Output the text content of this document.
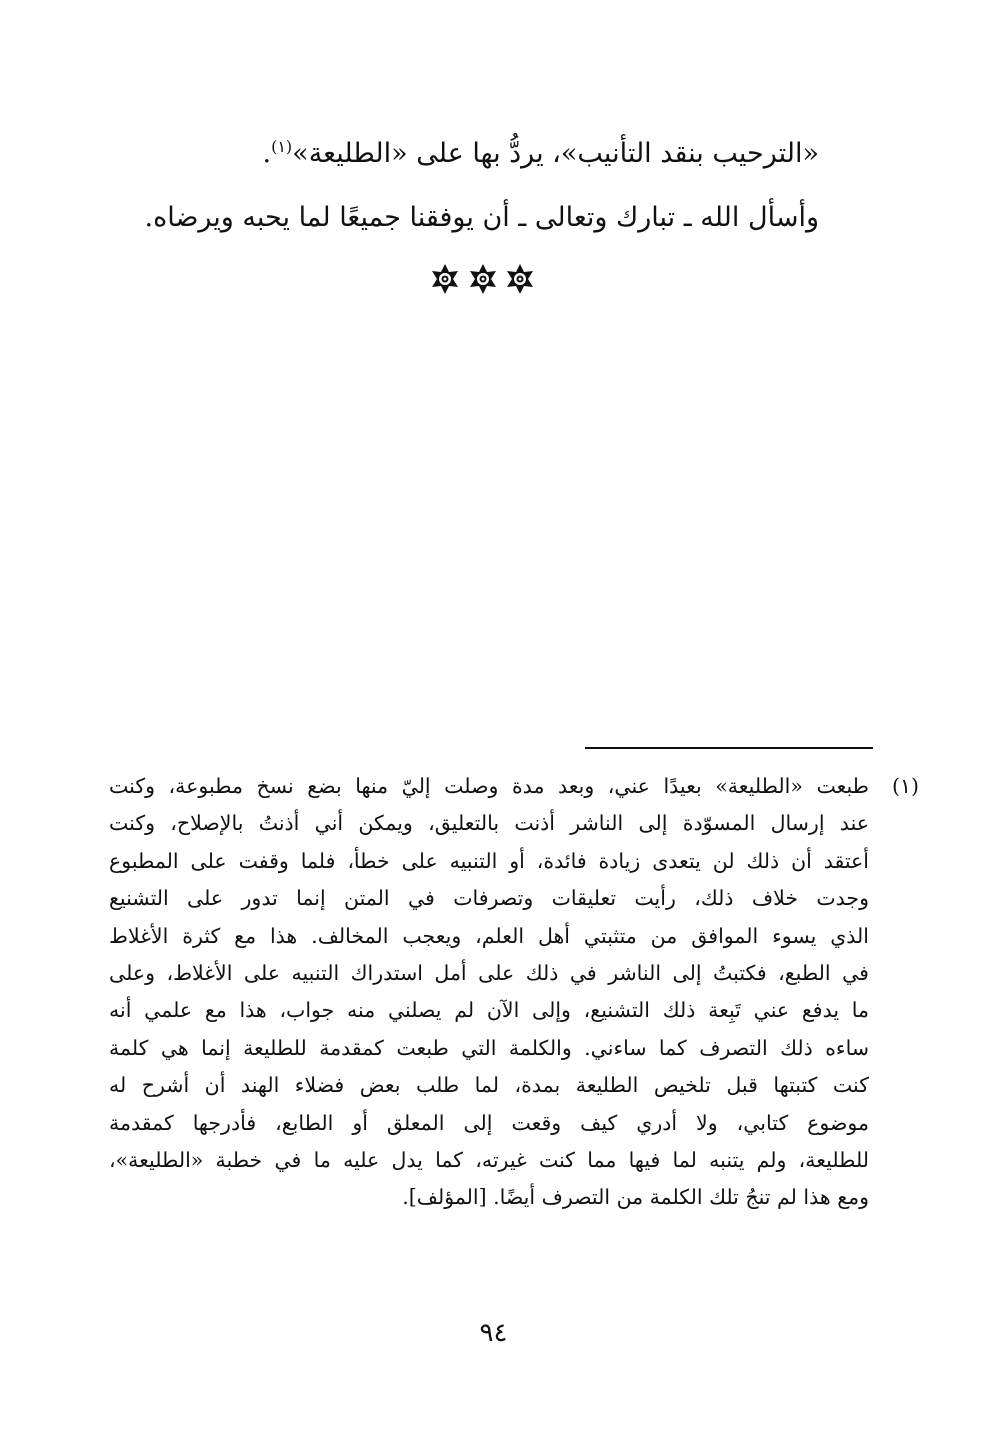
«الترحيب بنقد التأنيب»، يردُّ بها على «الطليعة»$^{(١)}$.
وأسأل الله ـ تبارك وتعالى ـ أن يوفقنا جميعًا لما يحبه ويرضاه.
(١)
طبعت «الطليعة» بعيدًا عني، وبعد مدة وصلت إليّ منها بضع نسخ مطبوعة، وكنت
عند إرسال المسوّدة إلى الناشر أذنت بالتعليق، ويمكن أني أذنتُ بالإصلاح، وكنت
أعتقد أن ذلك لن يتعدى زيادة فائدة، أو التنبيه على خطأ، فلما وقفت على المطبوع
وجدت خلاف ذلك، رأيت تعليقات وتصرفات في المتن إنما تدور على التشنيع
الذي يسوء الموافق من متثبتي أهل العلم، ويعجب المخالف. هذا مع كثرة الأغلاط
في الطبع، فكتبتُ إلى الناشر في ذلك على أمل استدراك التنبيه على الأغلاط، وعلى
ما يدفع عني تَبِعة ذلك التشنيع، وإلى الآن لم يصلني منه جواب، هذا مع علمي أنه
ساءه ذلك التصرف كما ساءني. والكلمة التي طبعت كمقدمة للطليعة إنما هي كلمة
كنت كتبتها قبل تلخيص الطليعة بمدة، لما طلب بعض فضلاء الهند أن أشرح له
موضوع كتابي، ولا أدري كيف وقعت إلى المعلق أو الطابع، فأدرجها كمقدمة
للطليعة، ولم يتنبه لما فيها مما كنت غيرته، كما يدل عليه ما في خطبة «الطليعة»،
ومع هذا لم تنجُ تلك الكلمة من التصرف أيضًا. [المؤلف].
٩٤
